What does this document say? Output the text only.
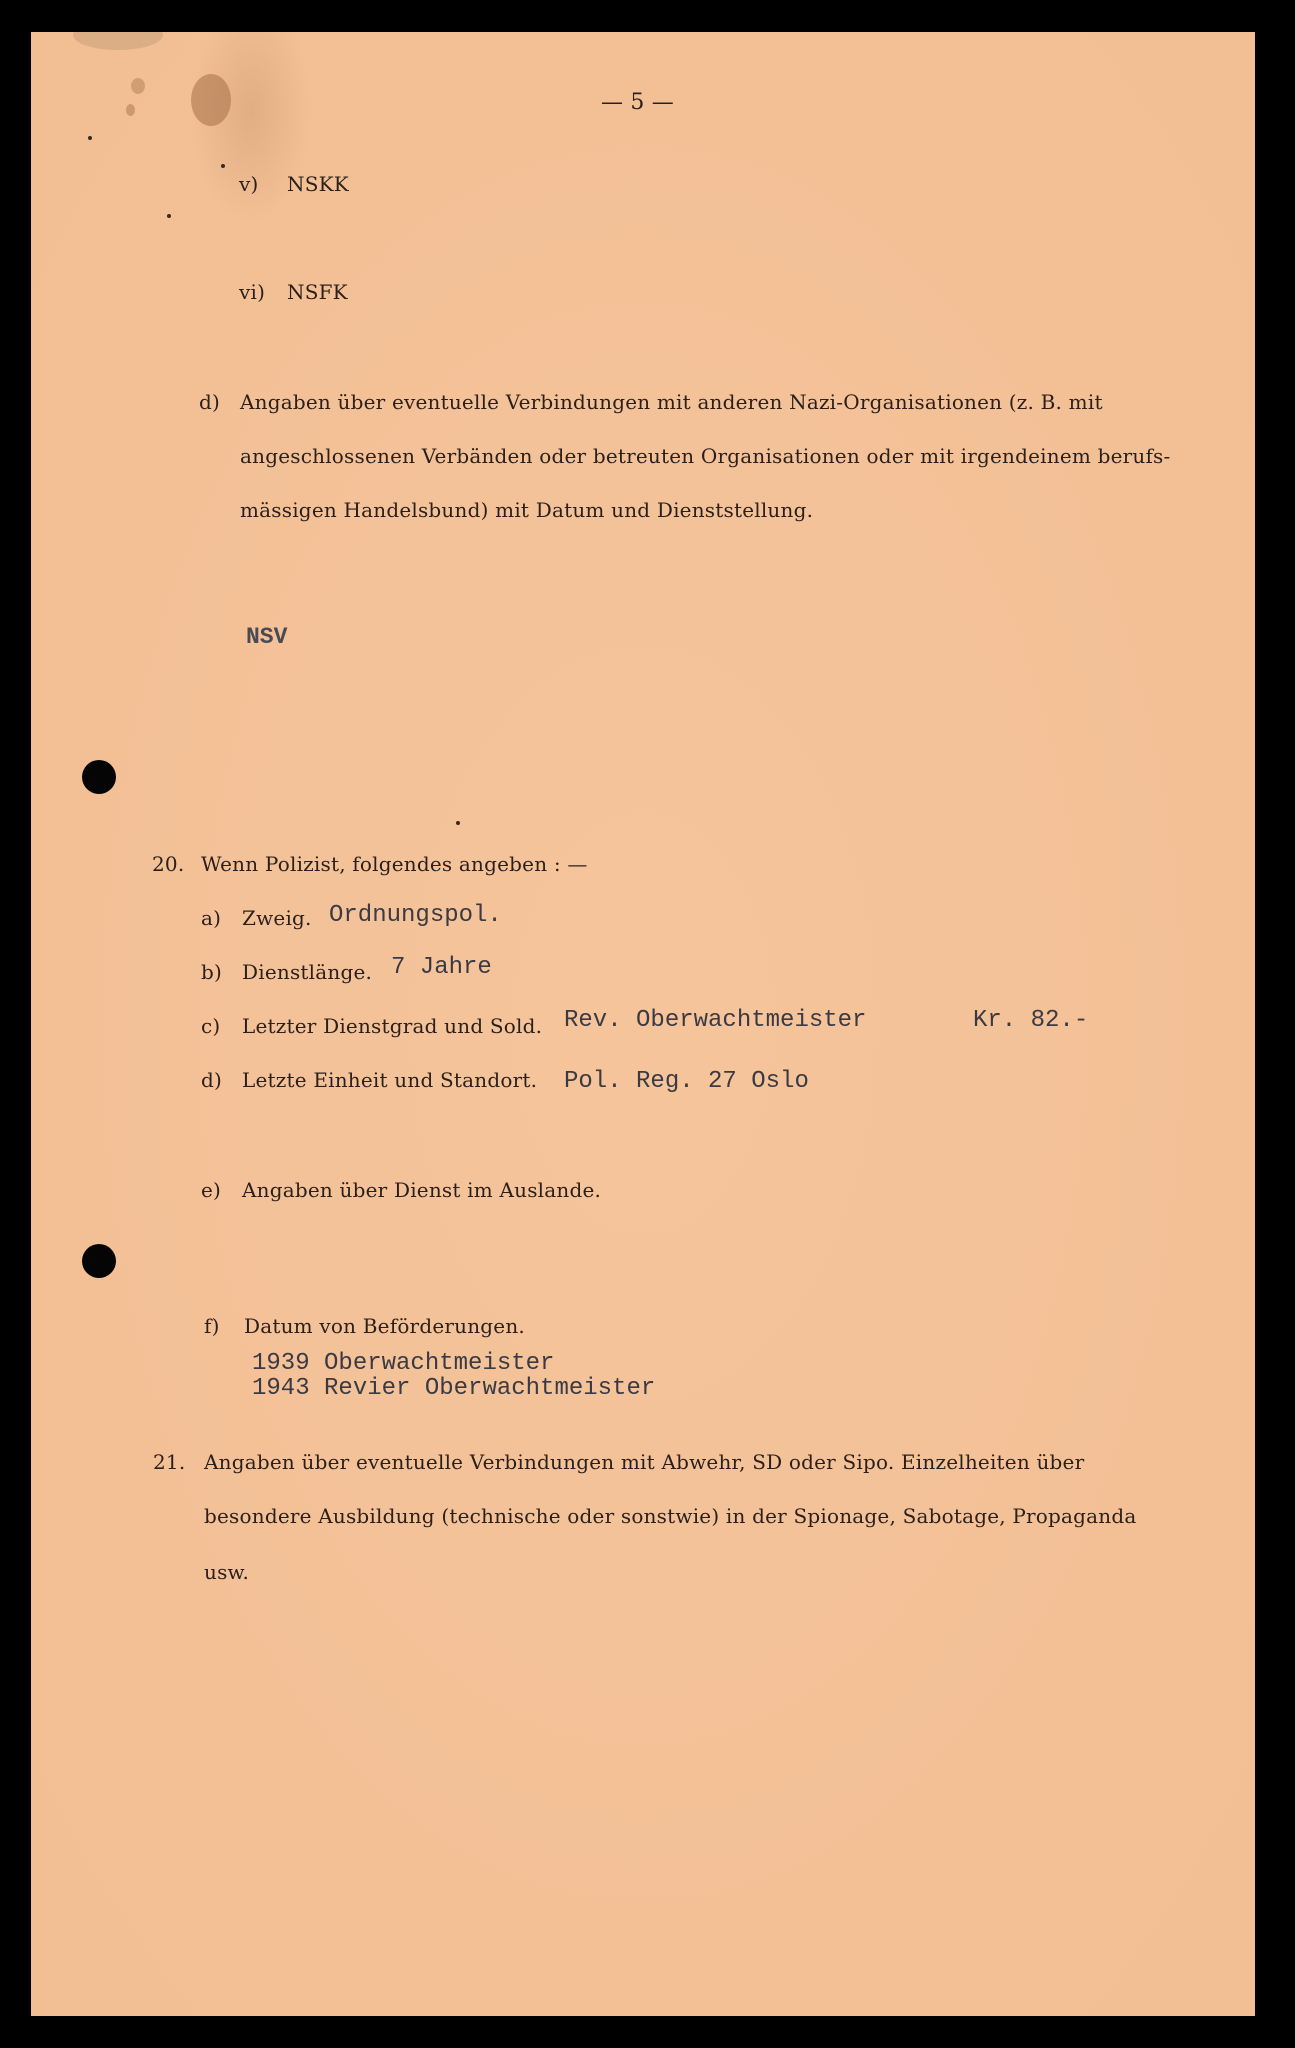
— 5 —
v) NSKK
vi) NSFK
d) Angaben über eventuelle Verbindungen mit anderen Nazi-Organisationen (z. B. mit
angeschlossenen Verbänden oder betreuten Organisationen oder mit irgendeinem berufs-
mässigen Handelsbund) mit Datum und Dienststellung.
NSV
20. Wenn Polizist, folgendes angeben : —
a) Zweig. Ordnungspol.
b) Dienstlänge. 7 Jahre
c) Letzter Dienstgrad und Sold. Rev. Oberwachtmeister	Kr. 82.-
d) Letzte Einheit und Standort. Pol. Reg. 27 Oslo
e) Angaben über Dienst im Auslande.
f) Datum von Beförderungen.
1939 Oberwachtmeister
1943 Revier Oberwachtmeister
21. Angaben über eventuelle Verbindungen mit Abwehr, SD oder Sipo. Einzelheiten über
besondere Ausbildung (technische oder sonstwie) in der Spionage, Sabotage, Propaganda
usw.
